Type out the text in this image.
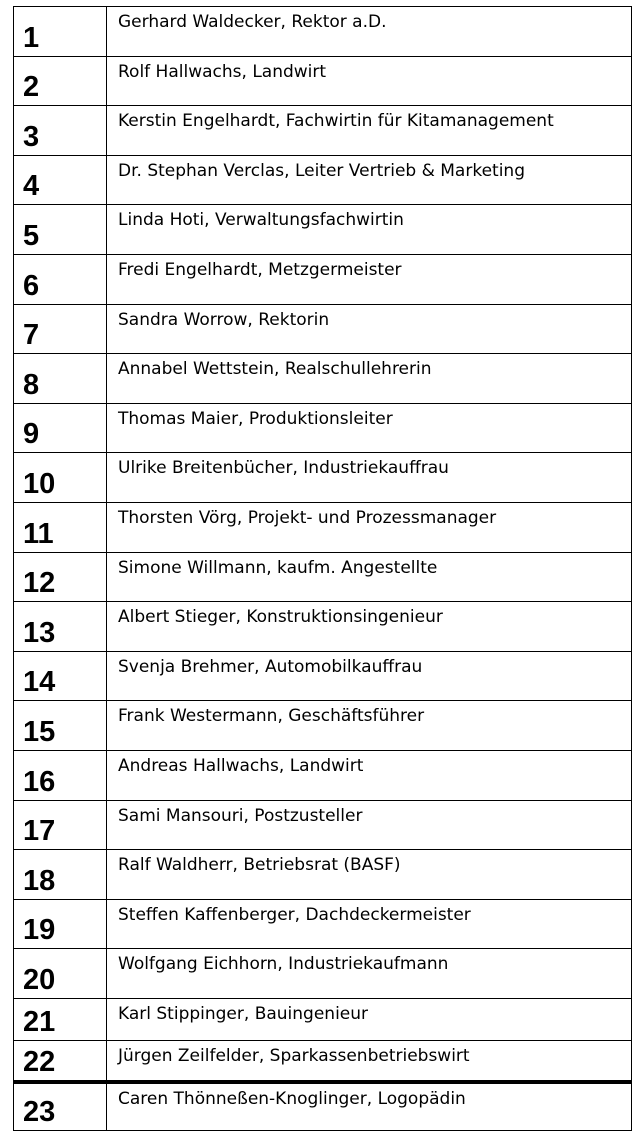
1	Gerhard Waldecker, Rektor a.D.

2	Rolf Hallwachs, Landwirt

3	Kerstin Engelhardt, Fachwirtin für Kitamanagement

4	Dr. Stephan Verclas, Leiter Vertrieb & Marketing

5	Linda Hoti, Verwaltungsfachwirtin

6	Fredi Engelhardt, Metzgermeister

7	Sandra Worrow, Rektorin

8	Annabel Wettstein, Realschullehrerin

9	Thomas Maier, Produktionsleiter

10	Ulrike Breitenbücher, Industriekauffrau

11	Thorsten Vörg, Projekt- und Prozessmanager

12	Simone Willmann, kaufm. Angestellte

13	Albert Stieger, Konstruktionsingenieur

14	Svenja Brehmer, Automobilkauffrau

15	Frank Westermann, Geschäftsführer

16	Andreas Hallwachs, Landwirt

17	Sami Mansouri, Postzusteller

18	Ralf Waldherr, Betriebsrat (BASF)

19	Steffen Kaffenberger, Dachdeckermeister

20	Wolfgang Eichhorn, Industriekaufmann

21	Karl Stippinger, Bauingenieur

22	Jürgen Zeilfelder, Sparkassenbetriebswirt

23	Caren Thönneßen-Knoglinger, Logopädin
